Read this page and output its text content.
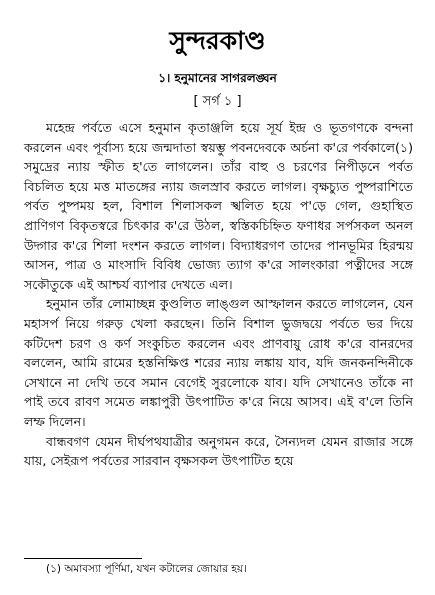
সুন্দরকাণ্ড
১। হনুমানের সাগরলঙ্ঘন
[ সর্গ ১ ]

মহেন্দ্র পর্বতে এসে হনুমান কৃতাঞ্জলি হয়ে সূর্য ইন্দ্র ও ভূতগণকে বন্দনা করলেন এবং পূর্বাস্য হয়ে জন্মদাতা স্বয়ম্ভু পবনদেবকে অর্চনা ক'রে পর্বকালে(১) সমুদ্রের ন্যায় স্ফীত হ'তে লাগলেন। তাঁর বাহু ও চরণের নিপীড়নে পর্বত বিচলিত হয়ে মত্ত মাতঙ্গের ন্যায় জলস্রাব করতে লাগল। বৃক্ষচ্যুত পুষ্পরাশিতে পর্বত পুষ্পময় হল, বিশাল শিলাসকল স্খলিত হয়ে প'ড়ে গেল, গুহাস্থিত প্রাণিগণ বিকৃতস্বরে চিৎকার ক'রে উঠল, স্বস্তিকচিহ্নিত ফণাধর সর্পসকল অনল উদ্গার ক'রে শিলা দংশন করতে লাগল। বিদ্যাধরগণ তাদের পানভূমির হিরন্ময় আসন, পাত্র ও মাংসাদি বিবিধ ভোজ্য ত্যাগ ক'রে সালংকারা পত্নীদের সঙ্গে সকৌতুকে এই আশ্চর্য ব্যাপার দেখতে এল।

হনুমান তাঁর লোমাচ্ছন্ন কুণ্ডলিত লাঙ্গুল আস্ফালন করতে লাগলেন, যেন মহাসর্প নিয়ে গরুড় খেলা করছেন। তিনি বিশাল ভুজদ্বয়ে পর্বতে ভর দিয়ে কটিদেশ চরণ ও কর্ণ সংকুচিত করলেন এবং প্রাণবায়ু রোধ ক'রে বানরদের বললেন, আমি রামের হস্তনিক্ষিপ্ত শরের ন্যায় লঙ্কায় যাব, যদি জনকনন্দিনীকে সেখানে না দেখি তবে সমান বেগেই সুরলোকে যাব। যদি সেখানেও তাঁকে না পাই তবে রাবণ সমেত লঙ্কাপুরী উৎপাটিত ক'রে নিয়ে আসব। এই ব'লে তিনি লম্ফ দিলেন।

বান্ধবগণ যেমন দীর্ঘপথযাত্রীর অনুগমন করে, সৈন্যদল যেমন রাজার সঙ্গে যায়, সেইরূপ পর্বতের সারবান বৃক্ষসকল উৎপাটিত হয়ে

(১) অমাবস্যা পূর্ণিমা, যখন কটালের জোয়ার হয়।
